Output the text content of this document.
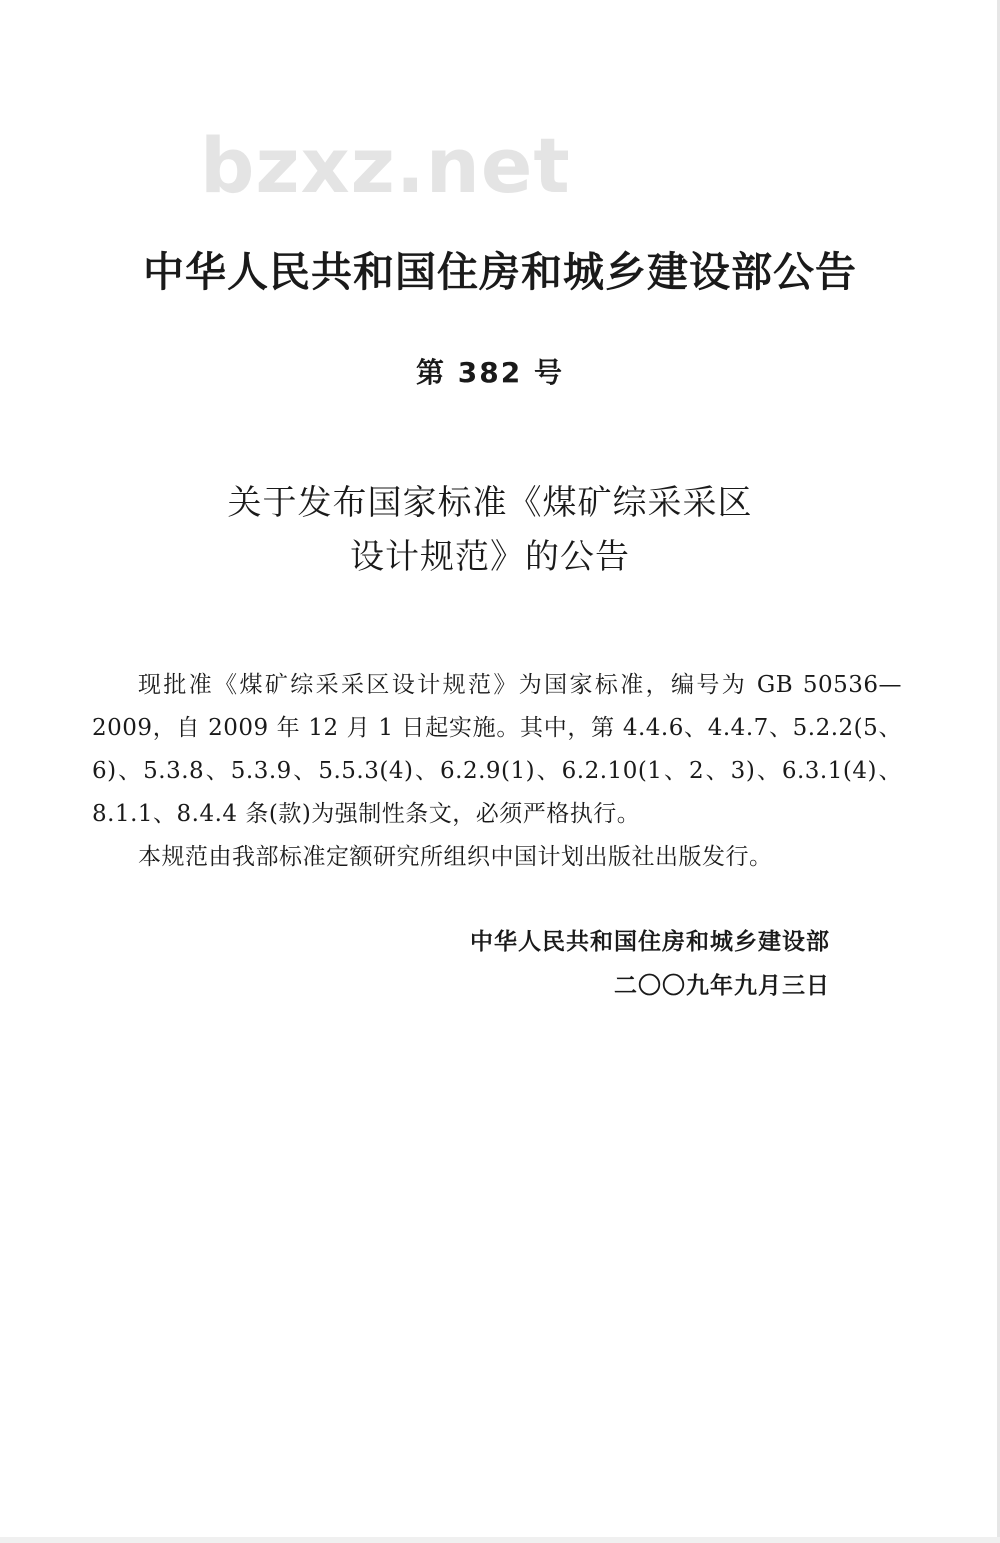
bzxz.net
中华人民共和国住房和城乡建设部公告
第 382 号
关于发布国家标准《煤矿综采采区
设计规范》的公告

现批准《煤矿综采采区设计规范》为国家标准，编号为 GB 50536—2009，自 2009 年 12 月 1 日起实施。其中，第 4.4.6、4.4.7、5.2.2(5、6)、5.3.8、5.3.9、5.5.3(4)、6.2.9(1)、6.2.10(1、2、3)、6.3.1(4)、8.1.1、8.4.4 条(款)为强制性条文，必须严格执行。

本规范由我部标准定额研究所组织中国计划出版社出版发行。

中华人民共和国住房和城乡建设部
二〇〇九年九月三日
